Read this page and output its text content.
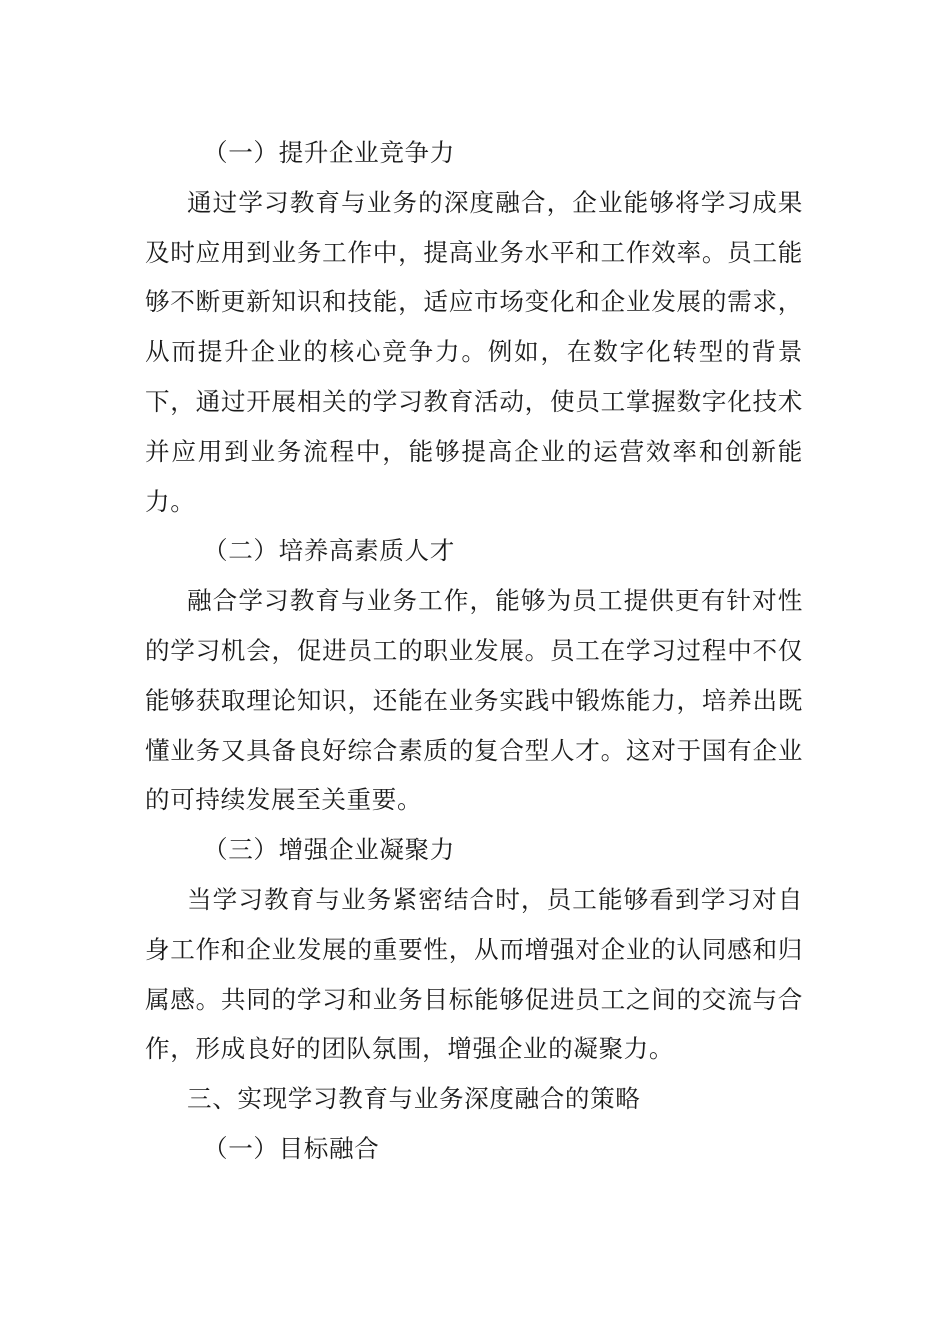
（一）提升企业竞争力

通过学习教育与业务的深度融合，企业能够将学习成果及时应用到业务工作中，提高业务水平和工作效率。员工能够不断更新知识和技能，适应市场变化和企业发展的需求，从而提升企业的核心竞争力。例如，在数字化转型的背景下，通过开展相关的学习教育活动，使员工掌握数字化技术并应用到业务流程中，能够提高企业的运营效率和创新能力。

（二）培养高素质人才

融合学习教育与业务工作，能够为员工提供更有针对性的学习机会，促进员工的职业发展。员工在学习过程中不仅能够获取理论知识，还能在业务实践中锻炼能力，培养出既懂业务又具备良好综合素质的复合型人才。这对于国有企业的可持续发展至关重要。

（三）增强企业凝聚力

当学习教育与业务紧密结合时，员工能够看到学习对自身工作和企业发展的重要性，从而增强对企业的认同感和归属感。共同的学习和业务目标能够促进员工之间的交流与合作，形成良好的团队氛围，增强企业的凝聚力。

三、实现学习教育与业务深度融合的策略

（一）目标融合
